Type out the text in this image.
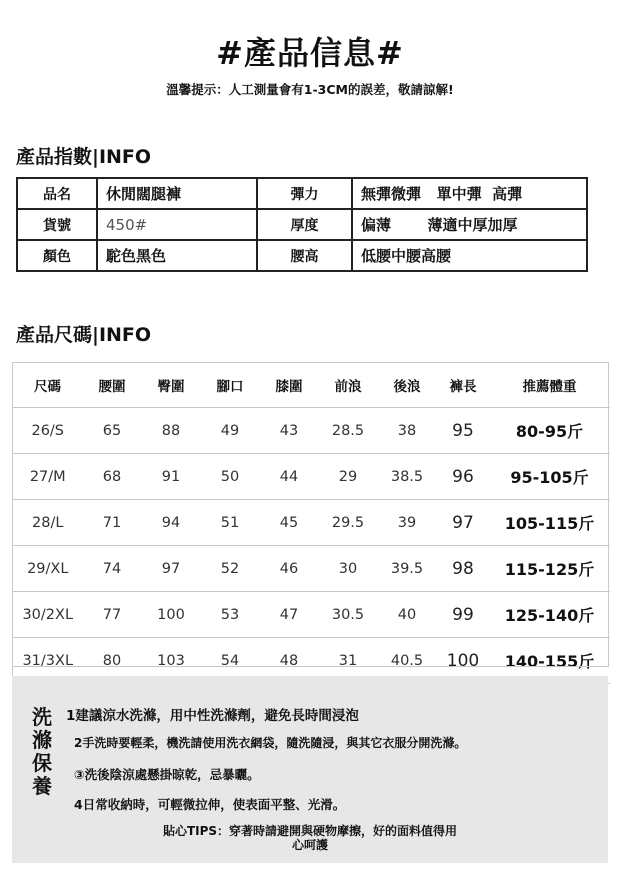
#產品信息#
溫馨提示：人工測量會有1-3CM的誤差，敬請諒解!
產品指數|INFO
品名	休閒闊腿褲	彈力	無彈微彈   單中彈  高彈
貨號	450#	厚度	偏薄       薄適中厚加厚
顏色	駝色黑色	腰高	低腰中腰高腰
產品尺碼|INFO
尺碼	腰圍	臀圍	腳口	膝圍	前浪	後浪	褲長	推薦體重
26/S	65	88	49	43	28.5	38	95	80-95斤
27/M	68	91	50	44	29	38.5	96	95-105斤
28/L	71	94	51	45	29.5	39	97	105-115斤
29/XL	74	97	52	46	30	39.5	98	115-125斤
30/2XL	77	100	53	47	30.5	40	99	125-140斤
31/3XL	80	103	54	48	31	40.5	100	140-155斤
洗
滌
保
養
1建議涼水洗滌，用中性洗滌劑，避免長時間浸泡
2手洗時要輕柔，機洗請使用洗衣網袋，隨洗隨浸，與其它衣服分開洗滌。
③洗後陰涼處懸掛晾乾，忌暴曬。
4日常收納時，可輕微拉伸，使表面平整、光滑。
貼心TIPS：穿著時請避開與硬物摩擦，好的面料值得用
心呵護
